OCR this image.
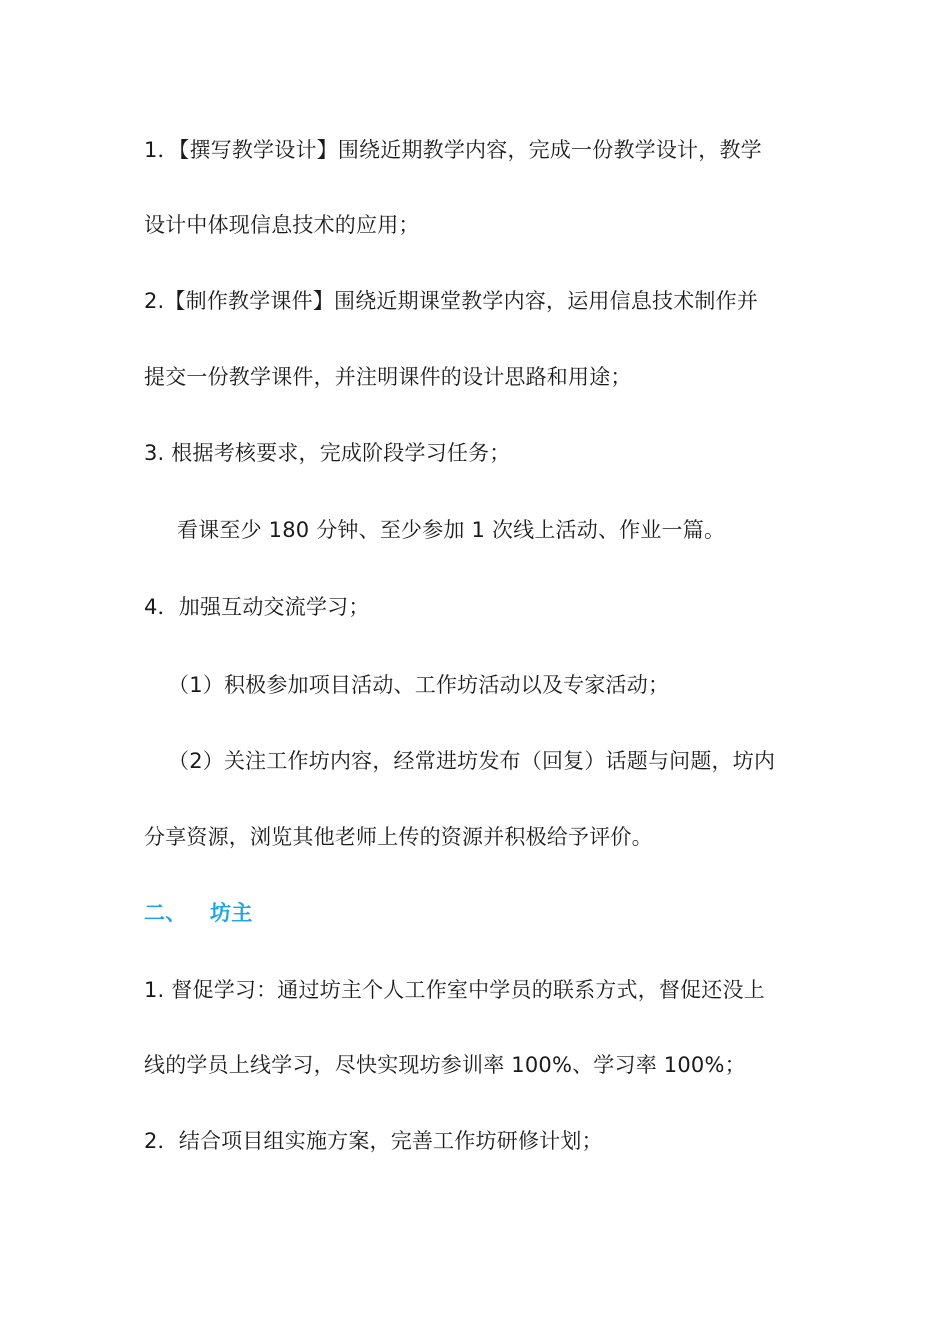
1．【撰写教学设计】围绕近期教学内容，完成一份教学设计，教学
设计中体现信息技术的应用；
2.【制作教学课件】围绕近期课堂教学内容，运用信息技术制作并
提交一份教学课件，并注明课件的设计思路和用途；
3. 根据考核要求，完成阶段学习任务；
看课至少 180 分钟、至少参加 1 次线上活动、作业一篇。
4．加强互动交流学习；
（1）积极参加项目活动、工作坊活动以及专家活动；
（2）关注工作坊内容，经常进坊发布（回复）话题与问题，坊内
分享资源，浏览其他老师上传的资源并积极给予评价。
二、 坊主
1. 督促学习：通过坊主个人工作室中学员的联系方式，督促还没上
线的学员上线学习，尽快实现坊参训率 100%、学习率 100%；
2．结合项目组实施方案，完善工作坊研修计划；
